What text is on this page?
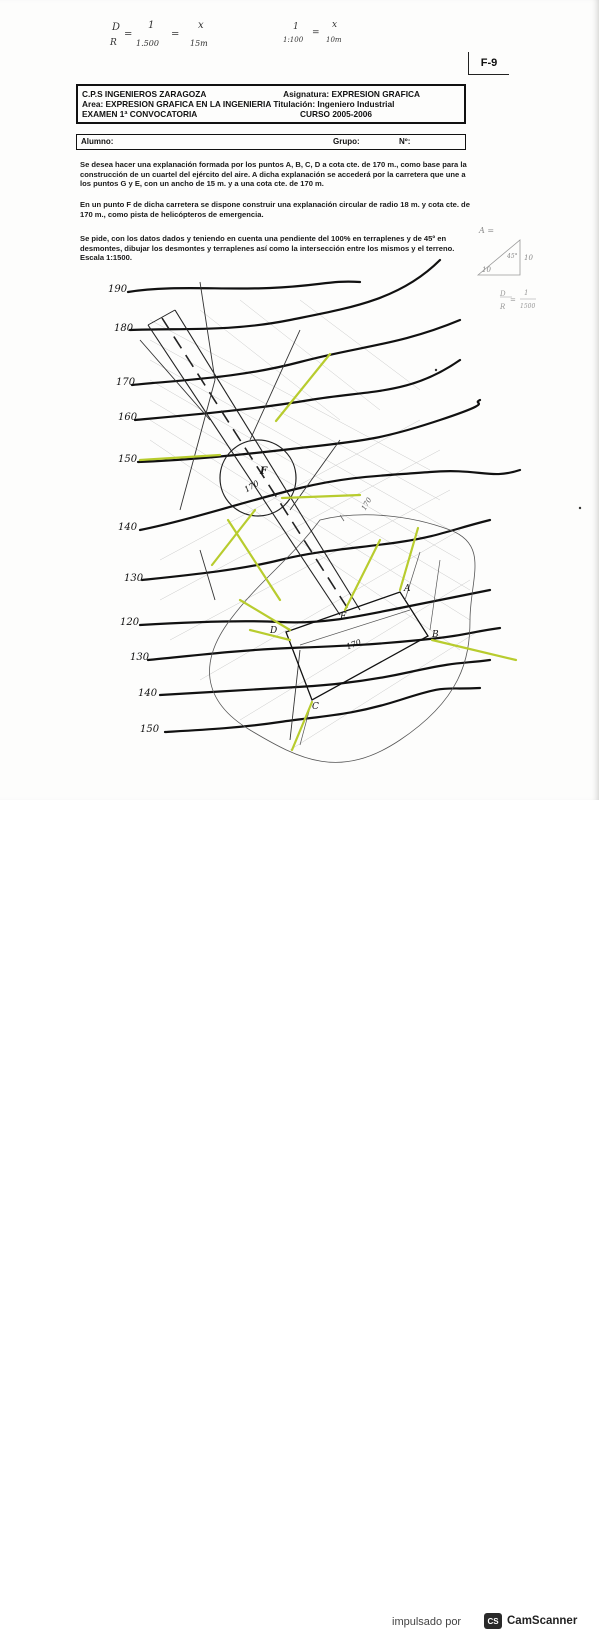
D
R
=
1
1.500
=
x
15m
1
1:100
=
x
10m
F-9
C.P.S INGENIEROS ZARAGOZA	Asignatura: EXPRESION GRAFICA
Area: EXPRESION GRAFICA EN LA INGENIERIA Titulación: Ingeniero Industrial
EXAMEN 1ª CONVOCATORIA	CURSO 2005-2006
Alumno:	Grupo:	Nº:
Se desea hacer una explanación formada por los puntos A, B, C, D a cota cte. de 170 m., como base para la construcción de un cuartel del ejército del aire. A dicha explanación se accederá por la carretera que une a los puntos G y E, con un ancho de 15 m. y a una cota cte. de 170 m.
En un punto F de dicha carretera se dispone construir una explanación circular de radio 18 m. y cota cte. de 170 m., como pista de helicópteros de emergencia.
Se pide, con los datos dados y teniendo en cuenta una pendiente del 100% en terraplenes y de 45º en desmontes, dibujar los desmontes y terraplenes así como la intersección entre los mismos y el terreno. Escala 1:1500.
A =
45° 10
10
D
R
=
1
1500
190
180
170
160
150
140
130
120
130
140
150
A
B
C
D
E
F
170
170
170
impulsado por	CS CamScanner
